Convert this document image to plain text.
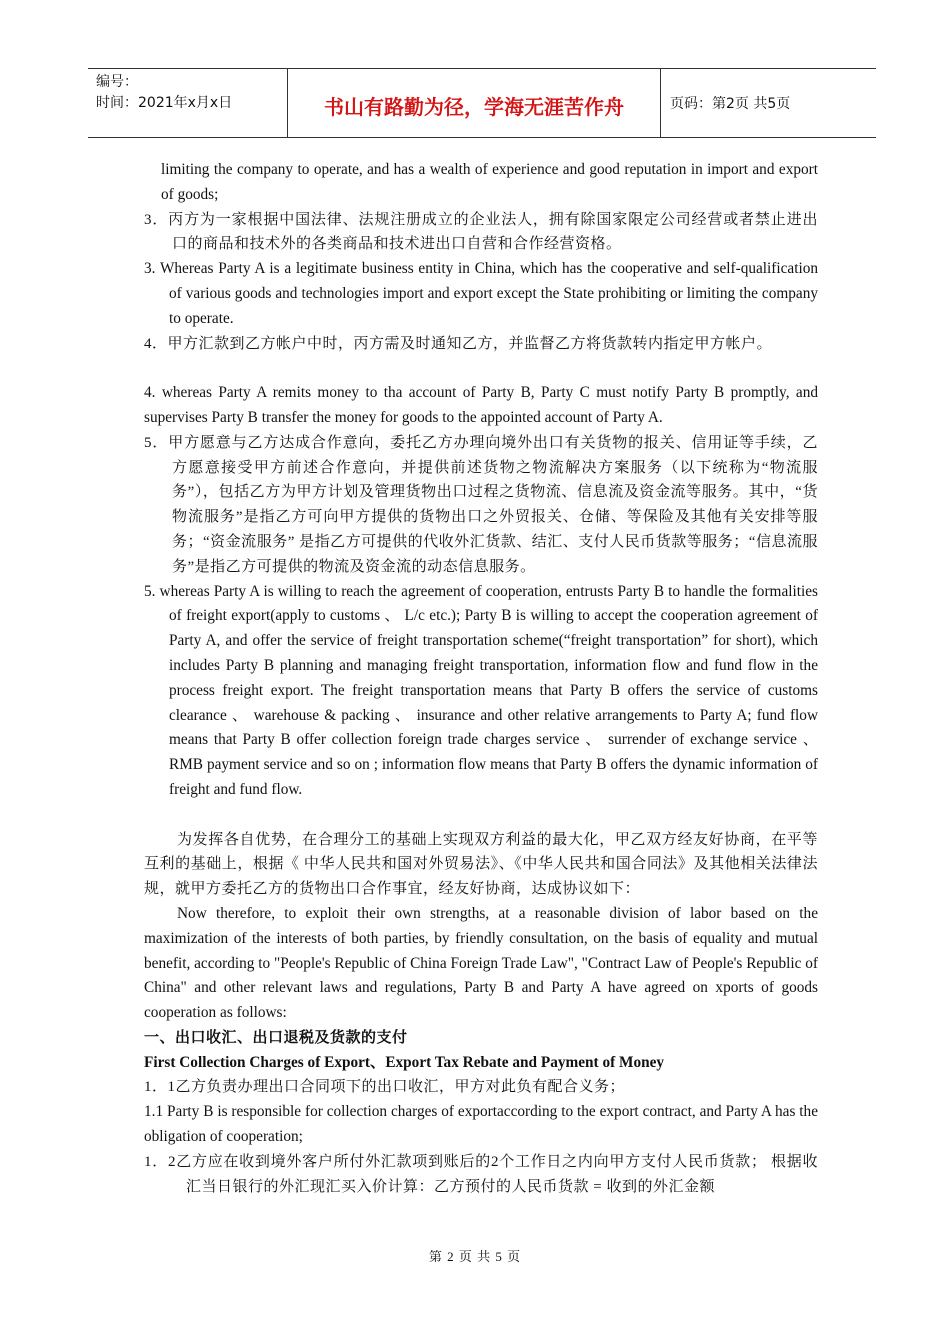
编号：
时间：2021年x月x日	书山有路勤为径，学海无涯苦作舟	页码：第2页 共5页

limiting the company to operate, and has a wealth of experience and good reputation in import and export of goods;

3．丙方为一家根据中国法律、法规注册成立的企业法人，拥有除国家限定公司经营或者禁止进出口的商品和技术外的各类商品和技术进出口自营和合作经营资格。

3. Whereas Party A is a legitimate business entity in China, which has the cooperative and self-qualification of various goods and technologies import and export except the State prohibiting or limiting the company to operate.

4．甲方汇款到乙方帐户中时，丙方需及时通知乙方，并监督乙方将货款转内指定甲方帐户。

4. whereas Party A remits money to tha account of Party B, Party C must notify Party B promptly, and supervises Party B transfer the money for goods to the appointed account of Party A.

5．甲方愿意与乙方达成合作意向，委托乙方办理向境外出口有关货物的报关、信用证等手续，乙方愿意接受甲方前述合作意向，并提供前述货物之物流解决方案服务（以下统称为“物流服务”），包括乙方为甲方计划及管理货物出口过程之货物流、信息流及资金流等服务。其中，“货物流服务”是指乙方可向甲方提供的货物出口之外贸报关、仓储、等保险及其他有关安排等服务；“资金流服务” 是指乙方可提供的代收外汇货款、结汇、支付人民币货款等服务；“信息流服务”是指乙方可提供的物流及资金流的动态信息服务。

5. whereas Party A is willing to reach the agreement of cooperation, entrusts Party B to handle the formalities of freight export(apply to customs 、 L/c etc.); Party B is willing to accept the cooperation agreement of Party A, and offer the service of freight transportation scheme(“freight transportation” for short), which includes Party B planning and managing freight transportation, information flow and fund flow in the process freight export. The freight transportation means that Party B offers the service of customs clearance 、 warehouse & packing 、 insurance and other relative arrangements to Party A; fund flow means that Party B offer collection foreign trade charges service 、 surrender of exchange service 、 RMB payment service and so on ; information flow means that Party B offers the dynamic information of freight and fund flow.

为发挥各自优势，在合理分工的基础上实现双方利益的最大化，甲乙双方经友好协商，在平等互利的基础上，根据《 中华人民共和国对外贸易法》、《中华人民共和国合同法》及其他相关法律法规，就甲方委托乙方的货物出口合作事宜，经友好协商，达成协议如下：

Now therefore, to exploit their own strengths, at a reasonable division of labor based on the maximization of the interests of both parties, by friendly consultation, on the basis of equality and mutual benefit, according to "People's Republic of China Foreign Trade Law", "Contract Law of People's Republic of China" and other relevant laws and regulations, Party B and Party A have agreed on xports of goods cooperation as follows:

一、出口收汇、出口退税及货款的支付

First Collection Charges of Export、Export Tax Rebate and Payment of Money

1．1乙方负责办理出口合同项下的出口收汇，甲方对此负有配合义务；

1.1 Party B is responsible for collection charges of exportaccording to the export contract, and Party A has the obligation of cooperation;

1．2乙方应在收到境外客户所付外汇款项到账后的2个工作日之内向甲方支付人民币货款； 根据收汇当日银行的外汇现汇买入价计算：乙方预付的人民币货款 = 收到的外汇金额

第 2 页 共 5 页
